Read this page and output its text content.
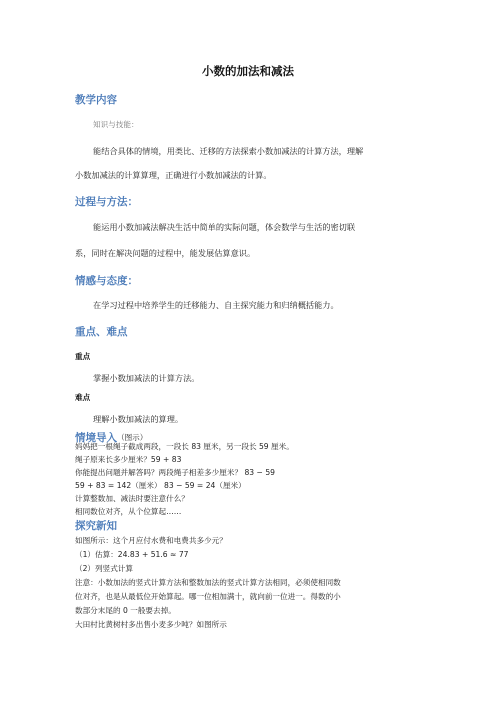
小数的加法和减法
教学内容
知识与技能：
能结合具体的情境，用类比、迁移的方法探索小数加减法的计算方法，理解
小数加减法的计算算理，正确进行小数加减法的计算。
过程与方法：
能运用小数加减法解决生活中简单的实际问题，体会数学与生活的密切联
系，同时在解决问题的过程中，能发展估算意识。
情感与态度：
在学习过程中培养学生的迁移能力、自主探究能力和归纳概括能力。
重点、难点
重点
掌握小数加减法的计算方法。
难点
理解小数加减法的算理。
情境导入（图示）
妈妈把一根绳子截成两段，一段长 83 厘米，另一段长 59 厘米。
绳子原来长多少厘米？59 + 83
你能提出问题并解答吗？两段绳子相差多少厘米？ 83 − 59
59 + 83 = 142（厘米） 83 − 59 = 24（厘米）
计算整数加、减法时要注意什么？
相同数位对齐，从个位算起……
探究新知
如图所示：这个月应付水费和电费共多少元？
（1）估算：24.83 + 51.6 ≈ 77
（2）列竖式计算
注意：小数加法的竖式计算方法和整数加法的竖式计算方法相同，必须使相同数
位对齐，也是从最低位开始算起。哪一位相加满十，就向前一位进一。得数的小
数部分末尾的 0 一般要去掉。
大田村比黄树村多出售小麦多少吨？如图所示
